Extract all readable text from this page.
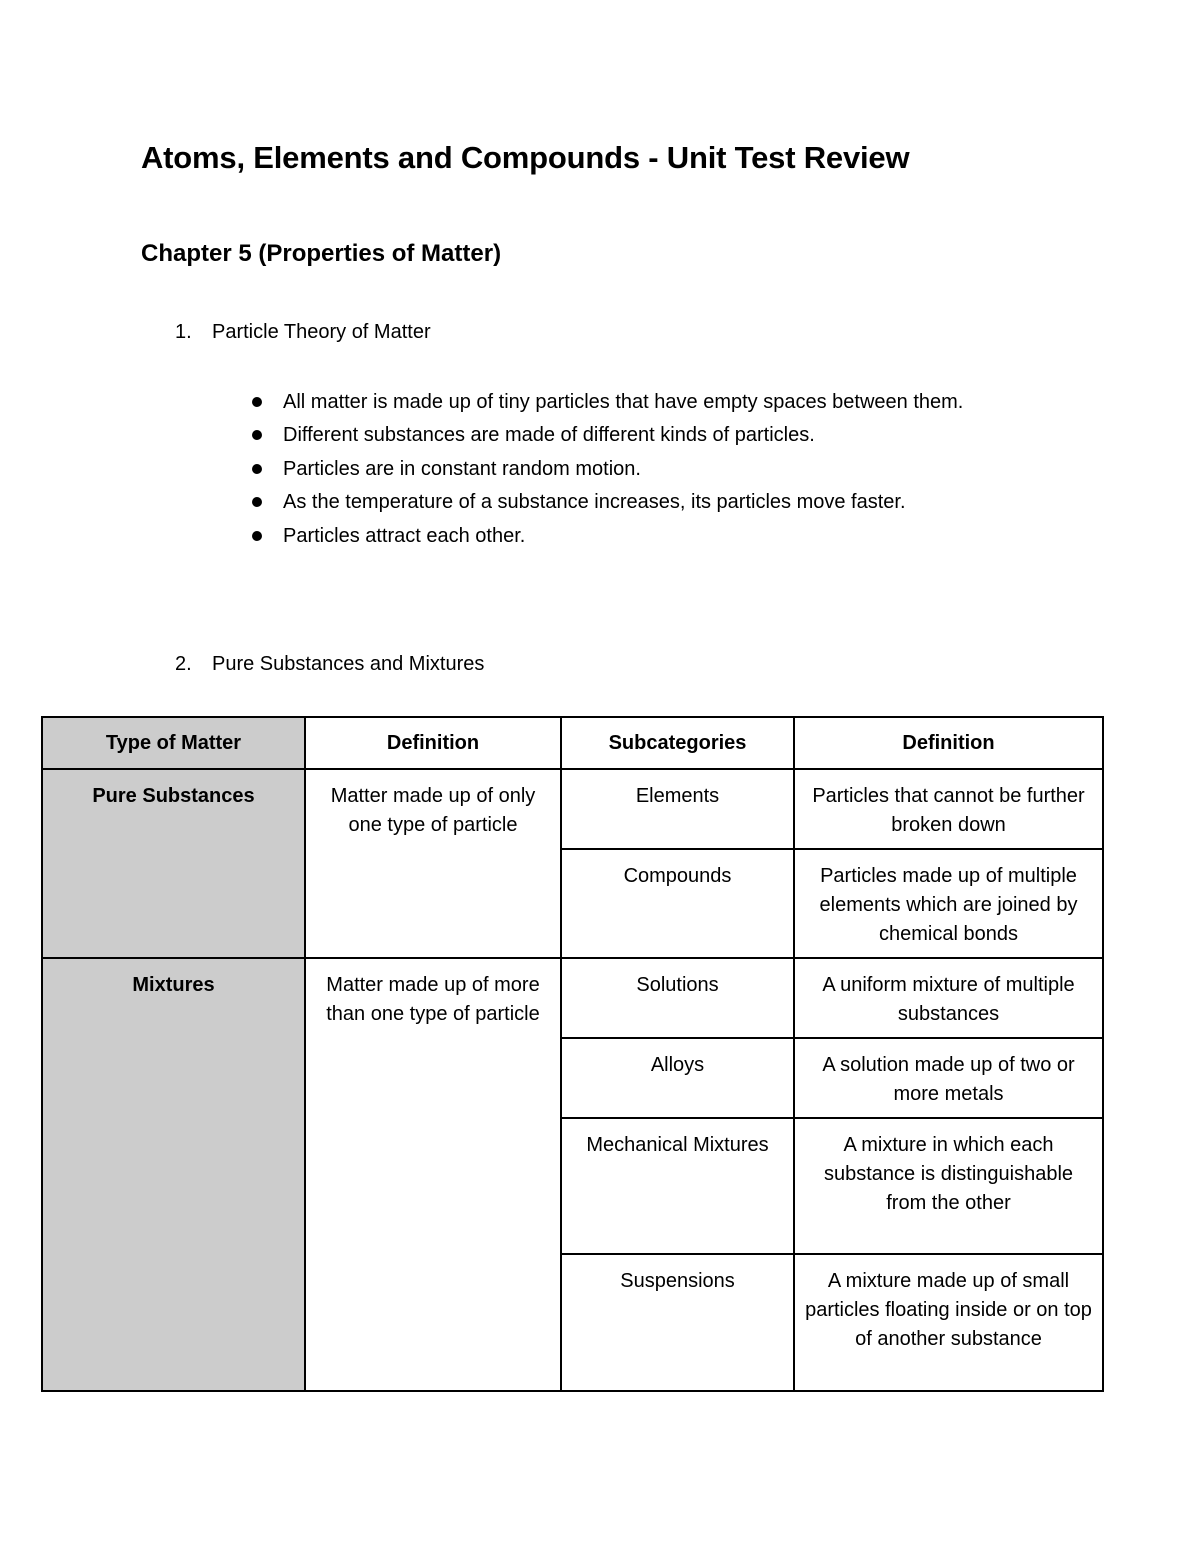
Atoms, Elements and Compounds - Unit Test Review
Chapter 5 (Properties of Matter)
1. Particle Theory of Matter
All matter is made up of tiny particles that have empty spaces between them.
Different substances are made of different kinds of particles.
Particles are in constant random motion.
As the temperature of a substance increases, its particles move faster.
Particles attract each other.
2. Pure Substances and Mixtures
Type of Matter	Definition	Subcategories	Definition
Pure Substances	Matter made up of only one type of particle	Elements	Particles that cannot be further broken down
		Compounds	Particles made up of multiple elements which are joined by chemical bonds
Mixtures	Matter made up of more than one type of particle	Solutions	A uniform mixture of multiple substances
		Alloys	A solution made up of two or more metals
		Mechanical Mixtures	A mixture in which each substance is distinguishable from the other
		Suspensions	A mixture made up of small particles floating inside or on top of another substance
